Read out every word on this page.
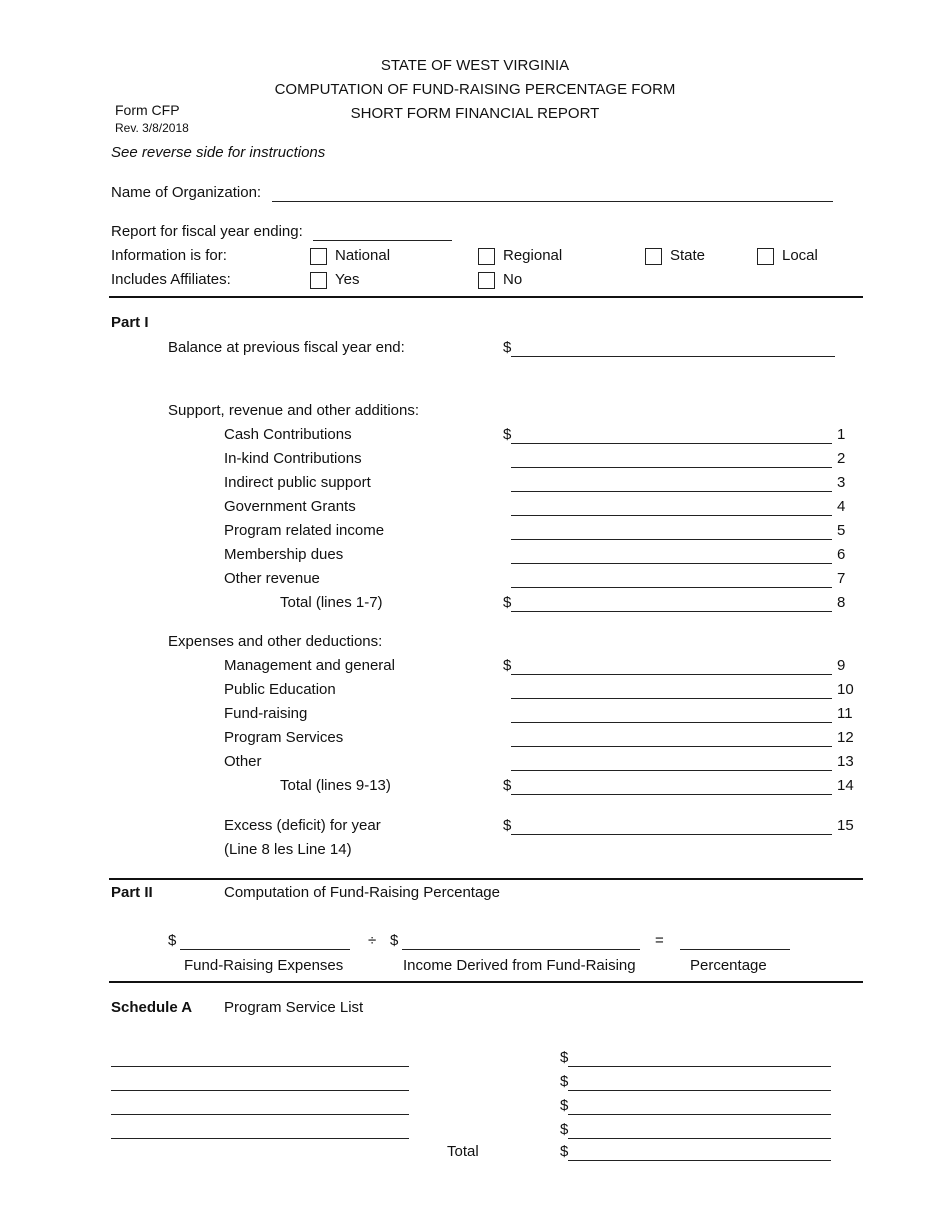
STATE OF WEST VIRGINIA
COMPUTATION OF FUND-RAISING PERCENTAGE FORM
SHORT FORM FINANCIAL REPORT
Form CFP
Rev. 3/8/2018
See reverse side for instructions
Name of Organization:
Report for fiscal year ending:
Information is for:	National	Regional	State	Local
Includes Affiliates:	Yes	No
Part I
Balance at previous fiscal year end:	$
Support, revenue and other additions:
Cash Contributions	$	1
In-kind Contributions	2
Indirect public support	3
Government Grants	4
Program related income	5
Membership dues	6
Other revenue	7
Total (lines 1-7)	$	8
Expenses and other deductions:
Management and general	$	9
Public Education	10
Fund-raising	11
Program Services	12
Other	13
Total (lines 9-13)	$	14
Excess (deficit) for year	$	15
(Line 8 les Line 14)
Part II	Computation of Fund-Raising Percentage
$	÷ $	=
Fund-Raising Expenses	Income Derived from Fund-Raising	Percentage
Schedule A Program Service List
$
$
$
$
$
Total
